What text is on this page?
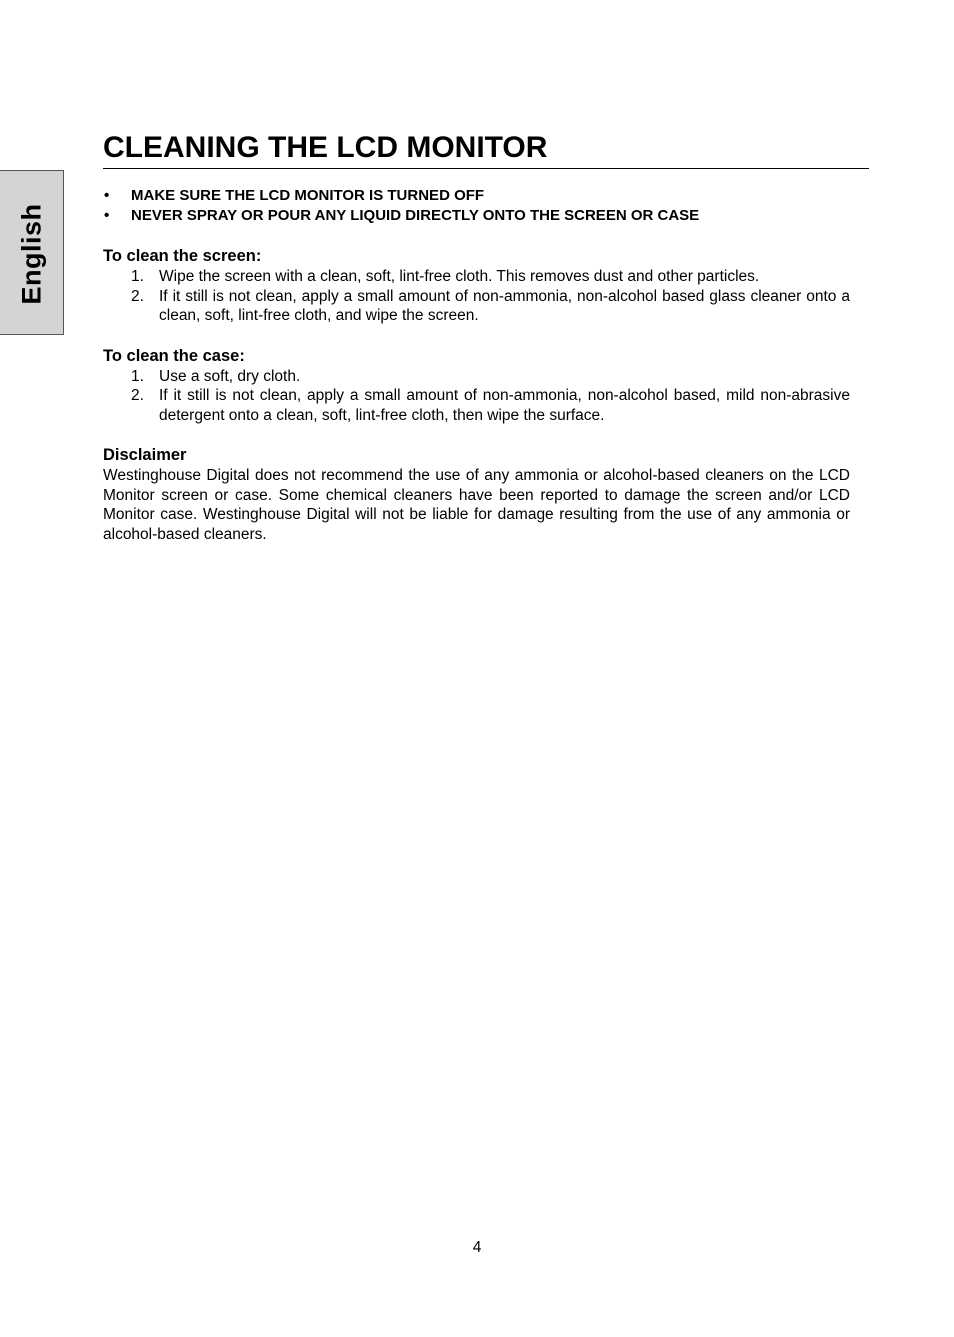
English
CLEANING THE LCD MONITOR
• MAKE SURE THE LCD MONITOR IS TURNED OFF
• NEVER SPRAY OR POUR ANY LIQUID DIRECTLY ONTO THE SCREEN OR CASE
To clean the screen:
1. Wipe the screen with a clean, soft, lint-free cloth. This removes dust and other particles.
2. If it still is not clean, apply a small amount of non-ammonia, non-alcohol based glass cleaner onto a clean, soft, lint-free cloth, and wipe the screen.
To clean the case:
1. Use a soft, dry cloth.
2. If it still is not clean, apply a small amount of non-ammonia, non-alcohol based, mild non-abrasive detergent onto a clean, soft, lint-free cloth, then wipe the surface.
Disclaimer

Westinghouse Digital does not recommend the use of any ammonia or alcohol-based cleaners on the LCD Monitor screen or case. Some chemical cleaners have been reported to damage the screen and/or LCD Monitor case. Westinghouse Digital will not be liable for damage resulting from the use of any ammonia or alcohol-based cleaners.

4
